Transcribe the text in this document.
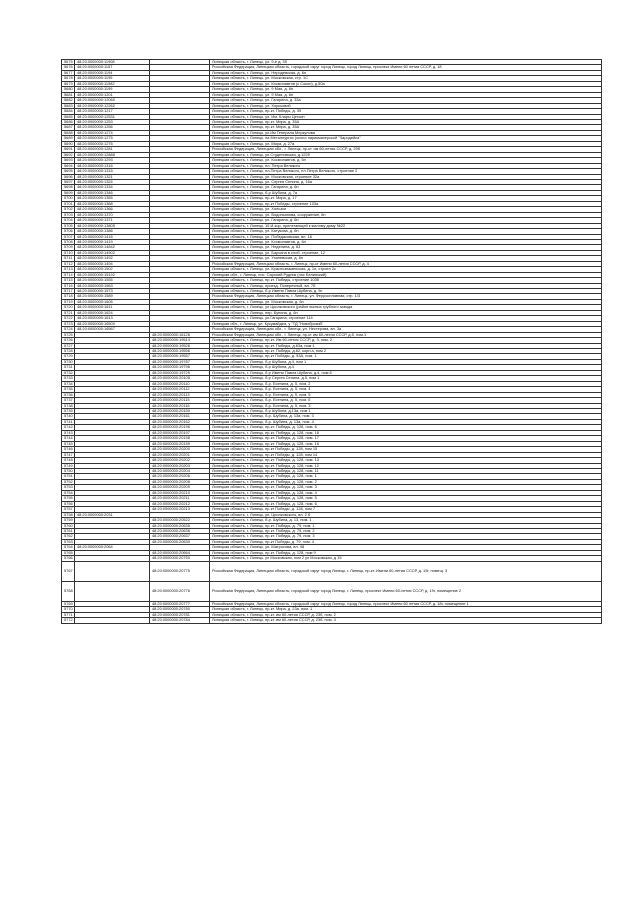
5675	48:20:0000000:11908		Липецкая область, г. Липецк, ул. 9-е д. 39
5676	48:20:0000000:1157		Российская Федерация, Липецкая область, городской округ город Липецк, город Липецк, проспект Имени 60 летия СССР, д. 18
5677	48:20:0000000:1194		Липецкая область, г. Липецк, ул. Неродевская, д. 6н
5678	48:20:0000000:1195		Липецкая область, г. Липецк, ул. Московская, стр. 1С
5679	48:20:0000000:11982		Липецкая область, г. Липецк, ул. Космонавтов (с Сокол), д.50а
5680	48:20:0000000:1199		Липецкая область, г. Липецк, ул. 9 Мая, д. 6н
5681	48:20:0000000:1201		Липецкая область, г. Липецк, ул. 9 Мая, д. 6н
5682	48:20:0000000:12060		Липецкая область, г. Липецк, ул. Гагарина, д. 33а
5683	48:20:0000000:12262		Липецкая область, г. Липецк, ул. Хорьковой
5684	48:20:0000000:1217		Липецкая область, г. Липецк, пр-кт. Победы, д. 39
5685	48:20:0000000:12531		Липецкая область, г. Липецк, ул. Им. Клары Цеткин
5686	48:20:0000000:1253		Липецкая область, г. Липецк, пр-кт. Мира, д. 35А
5687	48:20:0000000:1256		Липецкая область, г. Липецк, пр-кт. Мира, д. 35А
5688	48:20:0000000:1274		Липецкая область, г. Липецк, ул.Им Генерала Меркулова
5689	48:20:0000000:1275		Липецкая область, г. Липецк, на Металлургах (около парикмахерской "Чародейка"
5690	48:20:0000000:1276		Липецкая область, г. Липецк, ул. Мира, д. 27а
5691	48:20:0000000:1281		Российская Федерация, Липецкая обл., г. Липецк, пр-кт. им 60-летия СССР, д. 29б
5692	48:20:0000000:12888		Липецкая область, г. Липецк, ул.Студеновская, д.122б
5693	48:20:0000000:1293		Липецкая область, г. Липецк, ул. Космонавтов, д. 6н
5694	48:20:0000000:1316		Липецкая область, г. Липецк, пл. Петра Великого
5695	48:20:0000000:1315		Липецкая область, г. Липецк, пл.Петра Великого, пл.Петра Великого, строение 2
5696	48:20:0000000:1321		Липецкая область, г. Липецк, ул. Московская, строение 32а
5697	48:20:0000000:1324		Липецкая область, г. Липецк, ул. Сергея Сенина, д. 16а
5698	48:20:0000000:1334		Липецкая область, г. Липецк, ул. Гагарина, д. 6н
5699	48:20:0000000:1346		Липецкая область, г. Липецк, б-р Шубина, д. 7а
5700	48:20:0000000:1355		Липецкая область, г. Липецк, пр-кт. Мира, д. 17
5701	48:20:0000000:1368		Липецкая область, г. Липецк, пр-кт Победы, строение 103а
5702	48:20:0000000:1366		Липецкая область, г. Липецк, ул. Хользки
5703	48:20:0000000:1370		Липецкая область, г. Липецк, ул. Водопьянова, сооружение, 6н
5704	48:20:0000000:1371		Липецкая область, г. Липецк, ул. Гагарина, д. 6н
5705	48:20:0000000:13805		Липецкая область, г. Липецк, 15 И-кор, прилегающей к жилому дому №22
5706	48:20:0000000:1386		Липецкая область, г. Липецк, ул. Катукова, д. 6н
5707	48:20:0000000:1416		Липецкая область, г. Липецк, ул. Победаковская, вл. 16
5708	48:20:0000000:1419		Липецкая область, г. Липецк, ул. Космонавтов, д. 6н
5709	48:20:0000000:14842		Липецкая область, г. Липецк, ул. Неделина, д. 63
5710	48:20:0000000:14902		Липецкая область, г. Липецк, ул. Барсина в слоб. строение, 12
5711	48:20:0000000:1492		Липецкая область, г. Липецк, ул. Уханевская, д. 6н
5712	48:20:0000000:1494		Российская Федерация, Липецкая область, г. Липецк, пр-кт Имени 60-летия СССР, д. 4
5713	48:20:0000000:1502		Липецкая область, г. Липецк, ул. Краснознаменская, д. 1н, строен 2с
5714	48:20:0000000:15192		Липецкая обл., г. Липецк, пос. Сырский Рудник (пос Белинский)
5715	48:20:0000000:1555		Липецкая область, г. Липецк, пр-кт. Победы, строение 103б
5716	48:20:0000000:1563		Липецкая область, г. Липецк, проезд. Поперечный, вл. 7б
5717	48:20:0000000:1573		Липецкая область, г. Липецк, б-р Имени Павла Шубина, д. 9с
5718	48:20:0000000:1589		Российская Федерация, Липецкая область, г. Липецк, ул. Ферросплавная, стр. 1/3
5719	48:20:0000000:1605		Липецкая область, г. Липецк, ул. Московская, д. 6н
5720	48:20:0000000:1611		Липецкая область, г. Липецк, ул Циолковского (район южных трубного завода
5721	48:20:0000000:1624		Липецкая область, г. Липецк, пер. Бунина, д. 6н
5722	48:20:0000000:1613		Липецкая область, г. Липецк, ул.Гагарина, строение 114
5723	48:20:0000000:16500		Липецкая обл., г. Липецк, ул. Кусумайдеа, у "ТД "Новобрский"
5724	48:20:0000000:16567		Российская Федерация, Липецкая обл., г. Липецк, ул. Нестерова, вл. 3а
5725		48:20:0000000:16126	Российская Федерация, Липецкая обл., г. Липецк, пр-кт им 60-летия СССР, д.5, пом.1
5726		48:20:0000000:19514	Липецкая область, г. Липецк, пр-кт. Им 60-летия СССР, д. 3, пом. 2
5727		48:20:0000000:19526	Липецкая область, г. Липецк, пр-кт. Победы, д.63а, пом 1
5728		48:20:0000000:19556	Липецкая область, г. Липецк, пр-кт. Победы, д.62, корп.а, пом 2
5729		48:20:0000000:19557	Липецкая область, г. Липецк, пр-кт Победы, д. 53А, пом. 1
5730		48:20:0000000:19787	Липецкая область, г. Липецк, б-р Шубина, д.4, пом 1
5731		48:20:0000000:19796	Липецкая область, г. Липецк, б-р Шубина, д.4
5732		48:20:0000000:19729	Липецкая область, г. Липецк, б-р Имени Павла Шубина, д.4, пом 6
5733		48:20:0000000:20105	Липецкая область, г. Липецк, б-р Сергея Сенина, д.5, пом 1
5734		48:20:0000000:20110	Липецкая область, г. Липецк, б-р. Есенина, д. 5, пом. 2
5735		48:20:0000000:20112	Липецкая область, г. Липецк, б-р. Есенина, д. 5, пом. 4
5736		48:20:0000000:20113	Липецкая область, г. Липецк, б-р. Есенина, д. 5, пом. 5
5737		48:20:0000000:20115	Липецкая область, г. Липецк, б-р. Есенина, д. 5, пом. 6
5738		48:20:0000000:20116	Липецкая область, г. Липецк, б-р. Есенина, д. 5, пом. 3
5739		48:20:0000000:20150	Липецкая область, г. Липецк, б-р Шубина, д.13а, пом 1
5740		48:20:0000000:20161	Липецкая область, г. Липецк, б-р. Шубина, д. 13а, пом. 3
5741		48:20:0000000:20162	Липецкая область, г. Липецк, б-р. Шубина, д. 13а, пом. 4
5742		48:20:0000000:20196	Липецкая область, г. Липецк, пр-кт. Победы, д. 128, пом. 6
5743		48:20:0000000:20197	Липецкая область, г. Липецк, пр-кт. Победы, д. 128, пом. 18
5744		48:20:0000000:20198	Липецкая область, г. Липецк, пр-кт. Победы, д. 128, пом. 17
5745		48:20:0000000:20199	Липецкая область, г. Липецк, пр-кт. Победы, д. 128, пом. 16
5746		48:20:0000000:20200	Липецкая область, г. Липецк, пр-кт Победы, д. 128, пом 15
5747		48:20:0000000:20201	Липецкая область, г. Липецк, пр-кт Победы, д. 128, пом 14
5748		48:20:0000000:20202	Липецкая область, г. Липецк, пр-кт. Победы, д. 128, пом. 13
5749		48:20:0000000:20203	Липецкая область, г. Липецк, пр-кт. Победы, д. 128, пом. 12
5750		48:20:0000000:20204	Липецкая область, г. Липецк, пр-кт. Победы, д. 128, пом. 11
5751		48:20:0000000:20206	Липецкая область, г. Липецк, пр-кт. Победы, д. 128, пом. 1
5752		48:20:0000000:20208	Липецкая область, г. Липецк, пр-кт. Победы, д. 128, пом. 2
5753		48:20:0000000:20209	Липецкая область, г. Липецк, пр-кт. Победы, д. 128, пом. 3
5754		48:20:0000000:20210	Липецкая область, г. Липецк, пр-кт. Победы, д. 128, пом. 4
5755		48:20:0000000:20211	Липецкая область, г. Липецк, пр-кт. Победы, д. 128, пом. 5
5756		48:20:0000000:20212	Липецкая область, г. Липецк, пр-кт. Победы, д. 128, пом. 6
5757		48:20:0000000:20213	Липецкая область, г. Липецк, пр-кт Победы, д. 128, пом 7
5758	48:20:0000000:2031		Липецкая область, г. Липецк, ул. Циолковского, вл. 2 б
5759		48:20:0000000:20522	Липецкая область, г. Липецк, б-р. Шубина, д. 13, пом. 1
5760		48:20:0000000:20635	Липецкая область, г. Липецк, пр-кт. Победы, д. 79, пом. 1
5761		48:20:0000000:20636	Липецкая область, г. Липецк, пр-кт. Победы, д. 79, пом. 2
5762		48:20:0000000:20637	Липецкая область, г. Липецк, пр-кт. Победы, д. 79, пом. 3
5763		48:20:0000000:20639	Липецкая область, г. Липецк, пр-кт Победы, д. 79, пом. 4
5764	48:20:0000000:2064		Липецкая область, г. Липецк, ул. Матросова, вл. 48
5765		48:20:0000000:20664	Липецкая область, г. Липецк, пр-кт. Победы, д. 128, пом 9
5766		48:20:0000000:20750	Липецкая область, г. Липецк, ул Московская, пом 2 ул Московская, д 15
5767		48:20:0000000:20775	Российская Федерация, Липецкая область, городской округ город Липецк, г. Липецк, пр-кт. Имени 60-летия СССР, д. 19г, помещ. 3
5768		48:20:0000000:20776	Российская Федерация, Липецкая область, городской округ город Липецк, г. Липецк, проспект Имени 60-летия СССР, д. 19г, помещение 2
5769		48:20:0000000:20777	Российская Федерация, Липецкая область, городской округ город Липецк, город Липецк, проспект Имени 60 летия СССР, д. 18г, помещение 1
5770		48:20:0000000:20780	Липецкая область, г. Липецк, пр-кт. Мира, д. 23а, пом. 1
5771		48:20:0000000:20781	Липецкая область, г. Липецк, пр-кт. им 60-летия СССР, д. 23б, пом. 2
5772		48:20:0000000:20784	Липецкая область, г. Липецк, пр-кт. им 60-летия СССР, д. 23б, пом. 4
